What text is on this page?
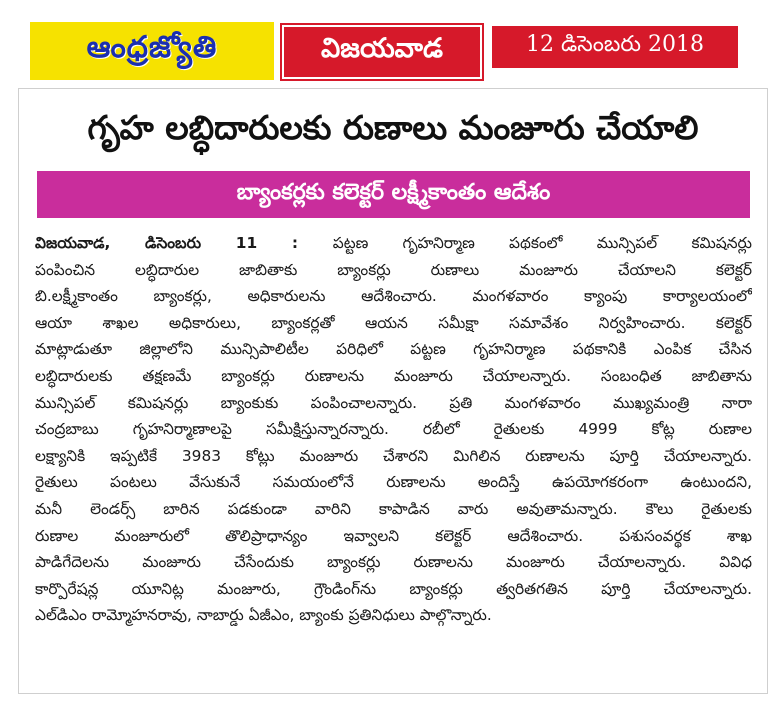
ఆంధ్రజ్యోతి	విజయవాడ	12 డిసెంబరు 2018
గృహ లబ్ధిదారులకు రుణాలు మంజూరు చేయాలి
బ్యాంకర్లకు కలెక్టర్ లక్ష్మీకాంతం ఆదేశం
విజయవాడ, డిసెంబరు 11 : పట్టణ గృహనిర్మాణ పథకంలో మున్సిపల్ కమిషనర్లు
పంపించిన లబ్ధిదారుల జాబితాకు బ్యాంకర్లు రుణాలు మంజూరు చేయాలని కలెక్టర్
బి.లక్ష్మీకాంతం బ్యాంకర్లు, అధికారులను ఆదేశించారు. మంగళవారం క్యాంపు కార్యాలయంలో
ఆయా శాఖల అధికారులు, బ్యాంకర్లతో ఆయన సమీక్షా సమావేశం నిర్వహించారు. కలెక్టర్
మాట్లాడుతూ జిల్లాలోని మున్సిపాలిటీల పరిధిలో పట్టణ గృహనిర్మాణ పథకానికి ఎంపిక చేసిన
లబ్ధిదారులకు తక్షణమే బ్యాంకర్లు రుణాలను మంజూరు చేయాలన్నారు. సంబంధిత జాబితాను
మున్సిపల్ కమిషనర్లు బ్యాంకుకు పంపించాలన్నారు. ప్రతి మంగళవారం ముఖ్యమంత్రి నారా
చంద్రబాబు గృహనిర్మాణాలపై సమీక్షిస్తున్నారన్నారు. రబీలో రైతులకు 4999 కోట్ల రుణాల
లక్ష్యానికి ఇప్పటికే 3983 కోట్లు మంజూరు చేశారని మిగిలిన రుణాలను పూర్తి చేయాలన్నారు.
రైతులు పంటలు వేసుకునే సమయంలోనే రుణాలను అందిస్తే ఉపయోగకరంగా ఉంటుందని,
మనీ లెండర్స్ బారిన పడకుండా వారిని కాపాడిన వారు అవుతామన్నారు. కౌలు రైతులకు
రుణాల మంజూరులో తొలిప్రాధాన్యం ఇవ్వాలని కలెక్టర్ ఆదేశించారు. పశుసంవర్థక శాఖ
పాడిగేదెలను మంజూరు చేసేందుకు బ్యాంకర్లు రుణాలను మంజూరు చేయాలన్నారు. వివిధ
కార్పొరేషన్ల యూనిట్ల మంజూరు, గ్రౌండింగ్‌ను బ్యాంకర్లు త్వరితగతిన పూర్తి చేయాలన్నారు.
ఎల్‌డిఎం రామ్మోహనరావు, నాబార్డు ఏజీఎం, బ్యాంకు ప్రతినిధులు పాల్గొన్నారు.
